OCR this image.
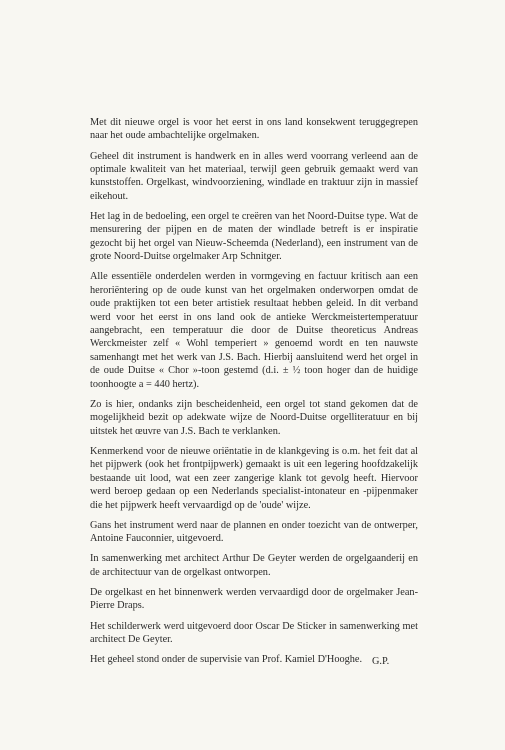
Met dit nieuwe orgel is voor het eerst in ons land konsekwent teruggegrepen naar het oude ambachtelijke orgelmaken.

Geheel dit instrument is handwerk en in alles werd voorrang verleend aan de optimale kwaliteit van het materiaal, terwijl geen gebruik gemaakt werd van kunststoffen. Orgelkast, windvoorziening, windlade en traktuur zijn in massief eikehout.

Het lag in de bedoeling, een orgel te creëren van het Noord-Duitse type. Wat de mensurering der pijpen en de maten der windlade betreft is er inspiratie gezocht bij het orgel van Nieuw-Scheemda (Nederland), een instrument van de grote Noord-Duitse orgelmaker Arp Schnitger.

Alle essentiële onderdelen werden in vormgeving en factuur kritisch aan een heroriëntering op de oude kunst van het orgelmaken onderworpen omdat de oude praktijken tot een beter artistiek resultaat hebben geleid. In dit verband werd voor het eerst in ons land ook de antieke Werckmeistertemperatuur aangebracht, een temperatuur die door de Duitse theoreticus Andreas Werckmeister zelf « Wohl temperiert » genoemd wordt en ten nauwste samenhangt met het werk van J.S. Bach. Hierbij aansluitend werd het orgel in de oude Duitse « Chor »-toon gestemd (d.i. ± ½ toon hoger dan de huidige toonhoogte a = 440 hertz).

Zo is hier, ondanks zijn bescheidenheid, een orgel tot stand gekomen dat de mogelijkheid bezit op adekwate wijze de Noord-Duitse orgelliteratuur en bij uitstek het œuvre van J.S. Bach te verklanken.

Kenmerkend voor de nieuwe oriëntatie in de klankgeving is o.m. het feit dat al het pijpwerk (ook het frontpijpwerk) gemaakt is uit een legering hoofdzakelijk bestaande uit lood, wat een zeer zangerige klank tot gevolg heeft. Hiervoor werd beroep gedaan op een Nederlands specialist-intonateur en -pijpenmaker die het pijpwerk heeft vervaardigd op de 'oude' wijze.

Gans het instrument werd naar de plannen en onder toezicht van de ontwerper, Antoine Fauconnier, uitgevoerd.

In samenwerking met architect Arthur De Geyter werden de orgelgaanderij en de architectuur van de orgelkast ontworpen.

De orgelkast en het binnenwerk werden vervaardigd door de orgelmaker Jean-Pierre Draps.

Het schilderwerk werd uitgevoerd door Oscar De Sticker in samenwerking met architect De Geyter.

Het geheel stond onder de supervisie van Prof. Kamiel D'Hooghe. G.P.
